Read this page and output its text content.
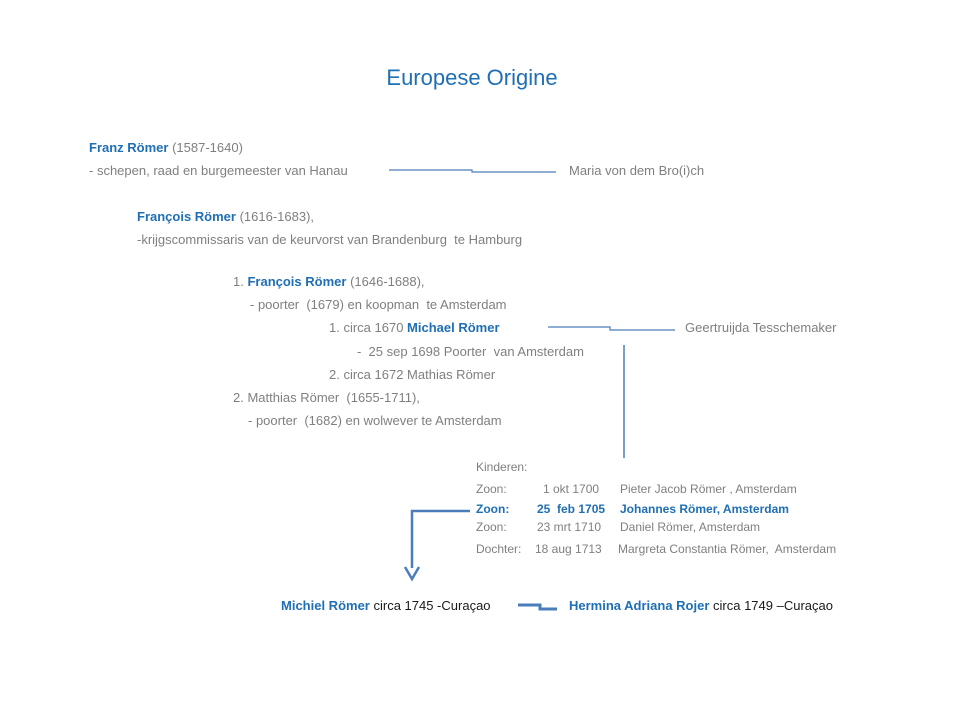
Europese Origine
Franz Römer (1587-1640)
- schepen, raad en burgemeester van Hanau	Maria von dem Bro(i)ch
François Römer (1616-1683),
-krijgscommissaris van de keurvorst van Brandenburg  te Hamburg
1. François Römer (1646-1688),
- poorter  (1679) en koopman  te Amsterdam
1. circa 1670 Michael Römer	Geertruijda Tesschemaker
-  25 sep 1698 Poorter  van Amsterdam
2. circa 1672 Mathias Römer
2. Matthias Römer  (1655-1711),
- poorter  (1682) en wolwever te Amsterdam
Kinderen:
Zoon:	1 okt 1700 Pieter Jacob Römer , Amsterdam
Zoon: 25  feb 1705 Johannes Römer, Amsterdam
Zoon:	23 mrt 1710 Daniel Römer, Amsterdam
Dochter: 18 aug 1713 Margreta Constantia Römer,  Amsterdam
Michiel Römer circa 1745 -Curaçao	Hermina Adriana Rojer circa 1749 –Curaçao
